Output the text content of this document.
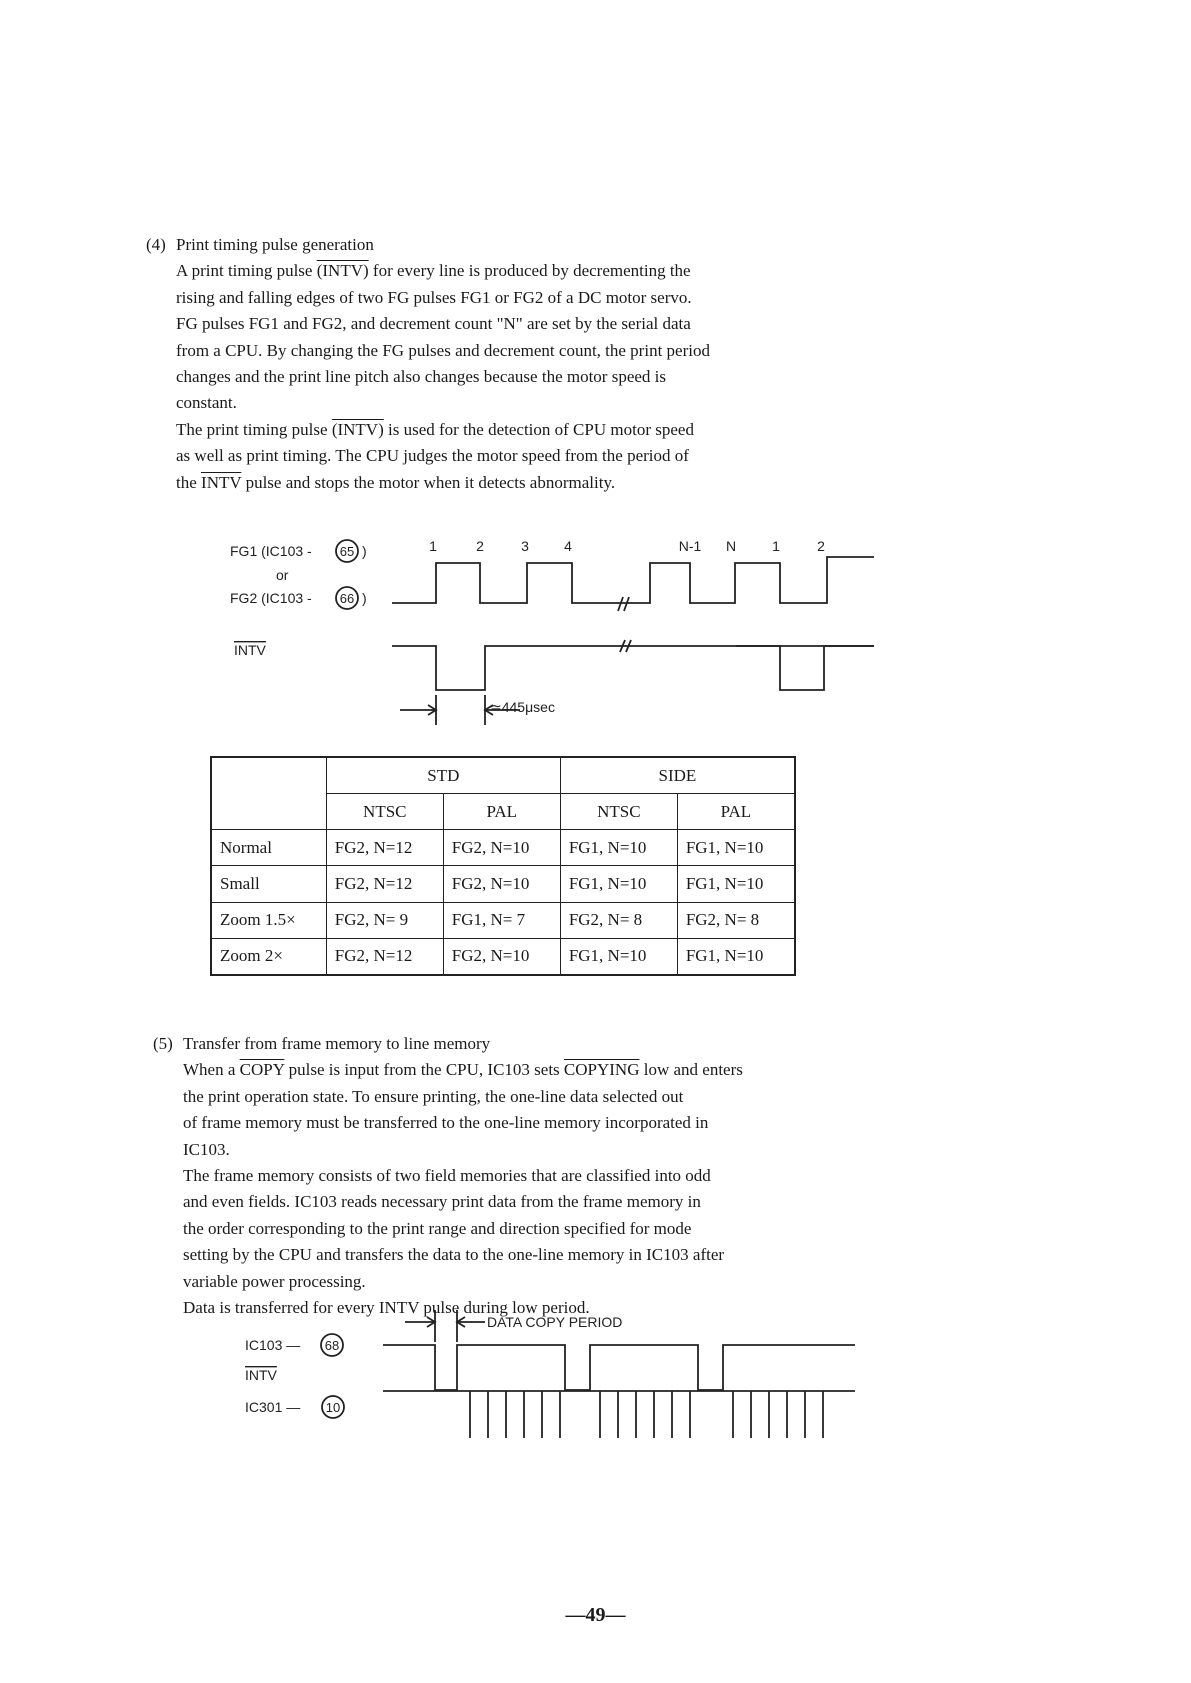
(4) Print timing pulse generation

A print timing pulse (INTV) for every line is produced by decrementing the

rising and falling edges of two FG pulses FG1 or FG2 of a DC motor servo.

FG pulses FG1 and FG2, and decrement count "N" are set by the serial data

from a CPU. By changing the FG pulses and decrement count, the print period

changes and the print line pitch also changes because the motor speed is

constant.

The print timing pulse (INTV) is used for the detection of CPU motor speed

as well as print timing. The CPU judges the motor speed from the period of

the INTV pulse and stops the motor when it detects abnormality.

FG1 (IC103 - 65 )
or
FG2 (IC103 - 66 )
INTV
1	2	3	4	N-1 N	1	2
≃445μsec
	STD		SIDE	
	NTSC	PAL	NTSC	PAL
Normal	FG2, N=12	FG2, N=10	FG1, N=10	FG1, N=10
Small	FG2, N=12	FG2, N=10	FG1, N=10	FG1, N=10
Zoom 1.5×	FG2, N= 9	FG1, N= 7	FG2, N= 8	FG2, N= 8
Zoom 2×	FG2, N=12	FG2, N=10	FG1, N=10	FG1, N=10
(5) Transfer from frame memory to line memory

When a COPY pulse is input from the CPU, IC103 sets COPYING low and enters

the print operation state. To ensure printing, the one-line data selected out

of frame memory must be transferred to the one-line memory incorporated in

IC103.

The frame memory consists of two field memories that are classified into odd

and even fields. IC103 reads necessary print data from the frame memory in

the order corresponding to the print range and direction specified for mode

setting by the CPU and transfers the data to the one-line memory in IC103 after

variable power processing.

Data is transferred for every INTV pulse during low period.

DATA COPY PERIOD
IC103 — 68
INTV
IC301 — 10
—49—
